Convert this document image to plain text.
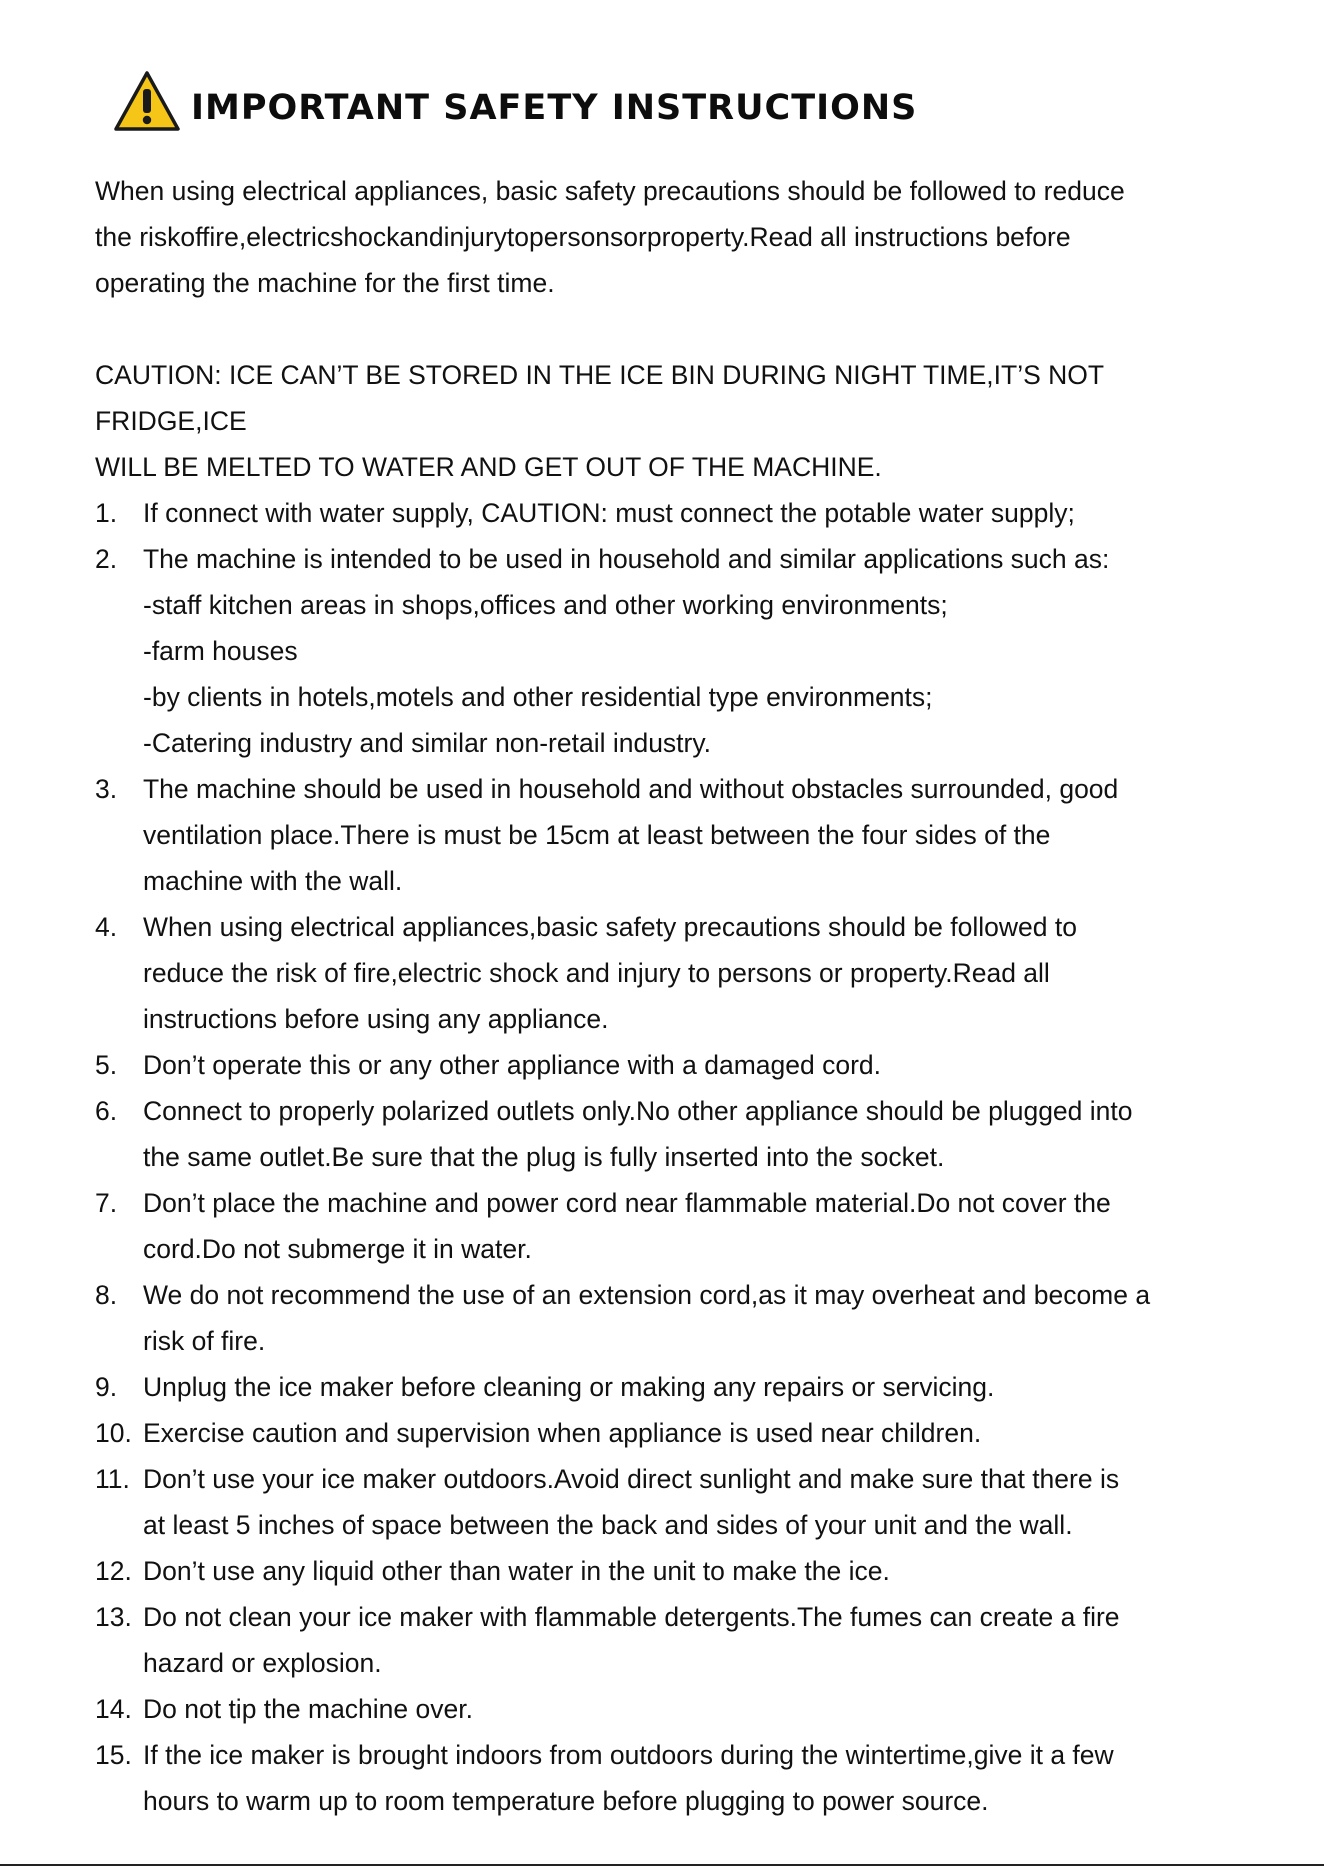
IMPORTANT SAFETY INSTRUCTIONS
When using electrical appliances, basic safety precautions should be followed to reduce
the riskoffire,electricshockandinjurytopersonsorproperty.Read all instructions before
operating the machine for the first time.
CAUTION: ICE CAN’T BE STORED IN THE ICE BIN DURING NIGHT TIME,IT’S NOT FRIDGE,ICE
WILL BE MELTED TO WATER AND GET OUT OF THE MACHINE.
1. If connect with water supply, CAUTION: must connect the potable water supply;
2. The machine is intended to be used in household and similar applications such as:
-staff kitchen areas in shops,offices and other working environments;
-farm houses
-by clients in hotels,motels and other residential type environments;
-Catering industry and similar non-retail industry.
3. The machine should be used in household and without obstacles surrounded, good
ventilation place.There is must be 15cm at least between the four sides of the
machine with the wall.
4. When using electrical appliances,basic safety precautions should be followed to
reduce the risk of fire,electric shock and injury to persons or property.Read all
instructions before using any appliance.
5. Don’t operate this or any other appliance with a damaged cord.
6. Connect to properly polarized outlets only.No other appliance should be plugged into
the same outlet.Be sure that the plug is fully inserted into the socket.
7. Don’t place the machine and power cord near flammable material.Do not cover the
cord.Do not submerge it in water.
8. We do not recommend the use of an extension cord,as it may overheat and become a
risk of fire.
9. Unplug the ice maker before cleaning or making any repairs or servicing.
10. Exercise caution and supervision when appliance is used near children.
11. Don’t use your ice maker outdoors.Avoid direct sunlight and make sure that there is
at least 5 inches of space between the back and sides of your unit and the wall.
12. Don’t use any liquid other than water in the unit to make the ice.
13. Do not clean your ice maker with flammable detergents.The fumes can create a fire
hazard or explosion.
14. Do not tip the machine over.
15. If the ice maker is brought indoors from outdoors during the wintertime,give it a few
hours to warm up to room temperature before plugging to power source.
